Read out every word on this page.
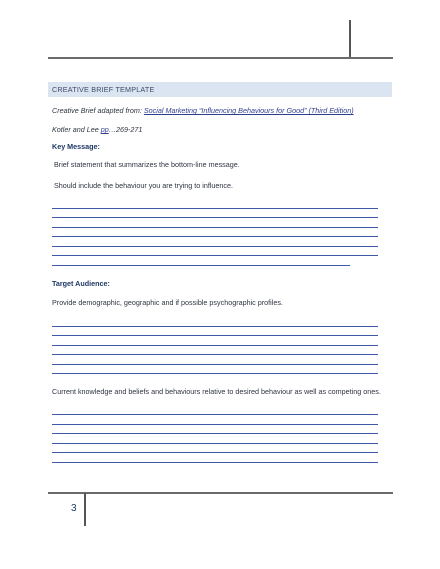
CREATIVE BRIEF TEMPLATE
Creative Brief adapted from: Social Marketing “Influencing Behaviours for Good” (Third Edition)
Kotler and Lee pp…269-271
Key Message:
Brief statement that summarizes the bottom-line message.
Should include the behaviour you are trying to influence.
Target Audience:
Provide demographic, geographic and if possible psychographic profiles.
Current knowledge and beliefs and behaviours relative to desired behaviour as well as competing ones.
3
